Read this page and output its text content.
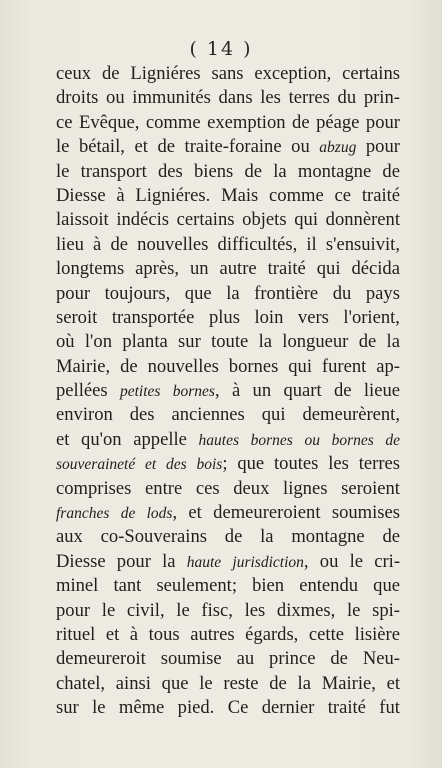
( 14 )
ceux de Ligniéres sans exception, certains
droits ou immunités dans les terres du prin-
ce Evêque, comme exemption de péage pour
le bétail, et de traite-foraine ou abzug pour
le transport des biens de la montagne de
Diesse à Ligniéres. Mais comme ce traité
laissoit indécis certains objets qui donnèrent
lieu à de nouvelles difficultés, il s'ensuivit,
longtems après, un autre traité qui décida
pour toujours, que la frontière du pays
seroit transportée plus loin vers l'orient,
où l'on planta sur toute la longueur de la
Mairie, de nouvelles bornes qui furent ap-
pellées petites bornes, à un quart de lieue
environ des anciennes qui demeurèrent,
et qu'on appelle hautes bornes ou bornes de
souveraineté et des bois; que toutes les terres
comprises entre ces deux lignes seroient
franches de lods, et demeureroient soumises
aux co-Souverains de la montagne de
Diesse pour la haute jurisdiction, ou le cri-
minel tant seulement; bien entendu que
pour le civil, le fisc, les dixmes, le spi-
rituel et à tous autres égards, cette lisière
demeureroit soumise au prince de Neu-
chatel, ainsi que le reste de la Mairie, et
sur le même pied. Ce dernier traité fut
